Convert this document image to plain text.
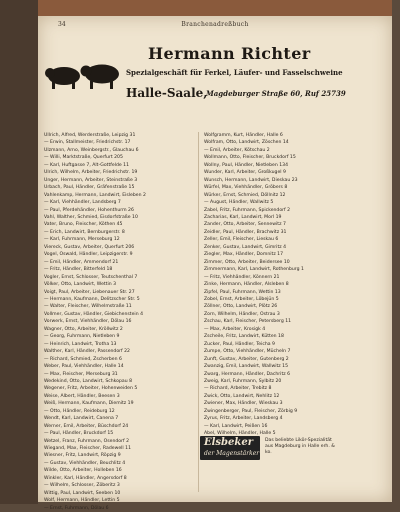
34	Branchenadreßbuch
Hermann Richter
Spezialgeschäft für Ferkel, Läufer- und Fasselschweine
Halle-Saale,
Magdeburger Straße 60, Ruf 25739
Ullrich, Alfred, Werderstraße, Leipzig 31
— Erwin, Stallmeister, Friedrichstr. 17
Ulzmann, Arno, Weinbergstr., Glauchau 6
— Willi, Marktstraße, Querfurt 205
— Karl, Huftgasse 7, Alt-Gottfelde 11
Ulrich, Wilhelm, Arbeiter, Friedrichstr. 19
Unger, Hermann, Arbeiter, Steinstraße 3
Urbach, Paul, Händler, Gräfenstraße 15
Vahlenkamp, Hermann, Landwirt, Eisleben 2
— Karl, Viehhändler, Landsberg 7
— Paul, Pferdehändler, Hohenthurm 26
Vahl, Walther, Schmied, Eisdorfstraße 10
Vater, Bruno, Fleischer, Köthen 45
— Erich, Landwirt, Bernburgerstr. 8
— Karl, Fuhrmann, Merseburg 12
Viereck, Gustav, Arbeiter, Querfurt 206
Vogel, Oswald, Händler, Leipzigerstr. 9
— Emil, Händler, Ammendorf 21
— Fritz, Händler, Bitterfeld 18
Vogler, Ernst, Schlosser, Teutschenthal 7
Völker, Otto, Landwirt, Wettin 3
Voigt, Paul, Arbeiter, Liebenauer Str. 27
— Hermann, Kaufmann, Delitzscher Str. 5
— Walter, Fleischer, Wilhelmstraße 11
Vollmer, Gustav, Händler, Giebichenstein 4
Vorwerk, Ernst, Viehhändler, Dölau 16
Wagner, Otto, Arbeiter, Kröllwitz 2
— Georg, Fuhrmann, Nietleben 9
— Heinrich, Landwirt, Trotha 13
Walther, Karl, Händler, Passendorf 22
— Richard, Schmied, Zscherben 6
Weber, Paul, Viehhändler, Halle 14
— Max, Fleischer, Merseburg 31
Wedekind, Otto, Landwirt, Schkopau 8
Wegener, Fritz, Arbeiter, Hohenweiden 5
Weise, Albert, Händler, Beesen 3
Weiß, Hermann, Kaufmann, Diemitz 19
— Otto, Händler, Reideburg 12
Wendt, Karl, Landwirt, Canena 7
Werner, Emil, Arbeiter, Büschdorf 24
— Paul, Händler, Bruckdorf 15
Wetzel, Franz, Fuhrmann, Osendorf 2
Wiegand, Max, Fleischer, Radewell 11
Wiesner, Fritz, Landwirt, Röpzig 9
— Gustav, Viehhändler, Beuchlitz 4
Wilde, Otto, Arbeiter, Holleben 16
Winkler, Karl, Händler, Angersdorf 8
— Wilhelm, Schlosser, Zöberitz 3
Wittig, Paul, Landwirt, Seeben 10
Wolf, Hermann, Händler, Lettin 5
— Ernst, Fuhrmann, Dölau 6
Wolfgramm, Kurt, Händler, Halle 6
Wolfram, Otto, Landwirt, Zöschen 14
— Emil, Arbeiter, Kötschau 2
Wollmann, Otto, Fleischer, Bruckdorf 15
Wollny, Paul, Händler, Nietleben 134
Wunder, Karl, Arbeiter, Großkugel 9
Wunsch, Hermann, Landwirt, Dieskau 23
Würfel, Max, Viehhändler, Gröbers 8
Würker, Ernst, Schmied, Döllnitz 12
— August, Händler, Wallwitz 5
Zabel, Fritz, Fuhrmann, Spickendorf 2
Zacharias, Karl, Landwirt, Morl 19
Zander, Otto, Arbeiter, Sennewitz 7
Zeidler, Paul, Händler, Brachwitz 31
Zeller, Emil, Fleischer, Lieskau 6
Zenker, Gustav, Landwirt, Gimritz 4
Ziegler, Max, Händler, Domnitz 17
Zimmer, Otto, Arbeiter, Beidersee 10
Zimmermann, Karl, Landwirt, Rothenburg 1
— Fritz, Viehhändler, Könnern 21
Zinke, Hermann, Händler, Alsleben 8
Zipfel, Paul, Fuhrmann, Wettin 13
Zobel, Ernst, Arbeiter, Löbejün 5
Zöllner, Otto, Landwirt, Plötz 26
Zorn, Wilhelm, Händler, Ostrau 3
Zschau, Karl, Fleischer, Petersberg 11
— Max, Arbeiter, Krosigk 4
Zscheile, Fritz, Landwirt, Kütten 18
Zucker, Paul, Händler, Teicha 9
Zumpe, Otto, Viehhändler, Mücheln 7
Zunft, Gustav, Arbeiter, Gutenberg 2
Zwanzig, Emil, Landwirt, Wallwitz 15
Zwarg, Hermann, Händler, Dachritz 6
Zweig, Karl, Fuhrmann, Sylbitz 20
— Richard, Arbeiter, Trebitz 8
Zwick, Otto, Landwirt, Nehlitz 12
Zwiener, Max, Händler, Wieskau 3
Zwingenberger, Paul, Fleischer, Zörbig 9
Zyrus, Fritz, Arbeiter, Landsberg 4
— Karl, Landwirt, Peißen 16
Abel, Wilhelm, Händler, Halle 5
Elsbeker
der Magenstärker
Das beliebte Likör-Spezialität aus Magdeburg in Halle erh. & ko.
